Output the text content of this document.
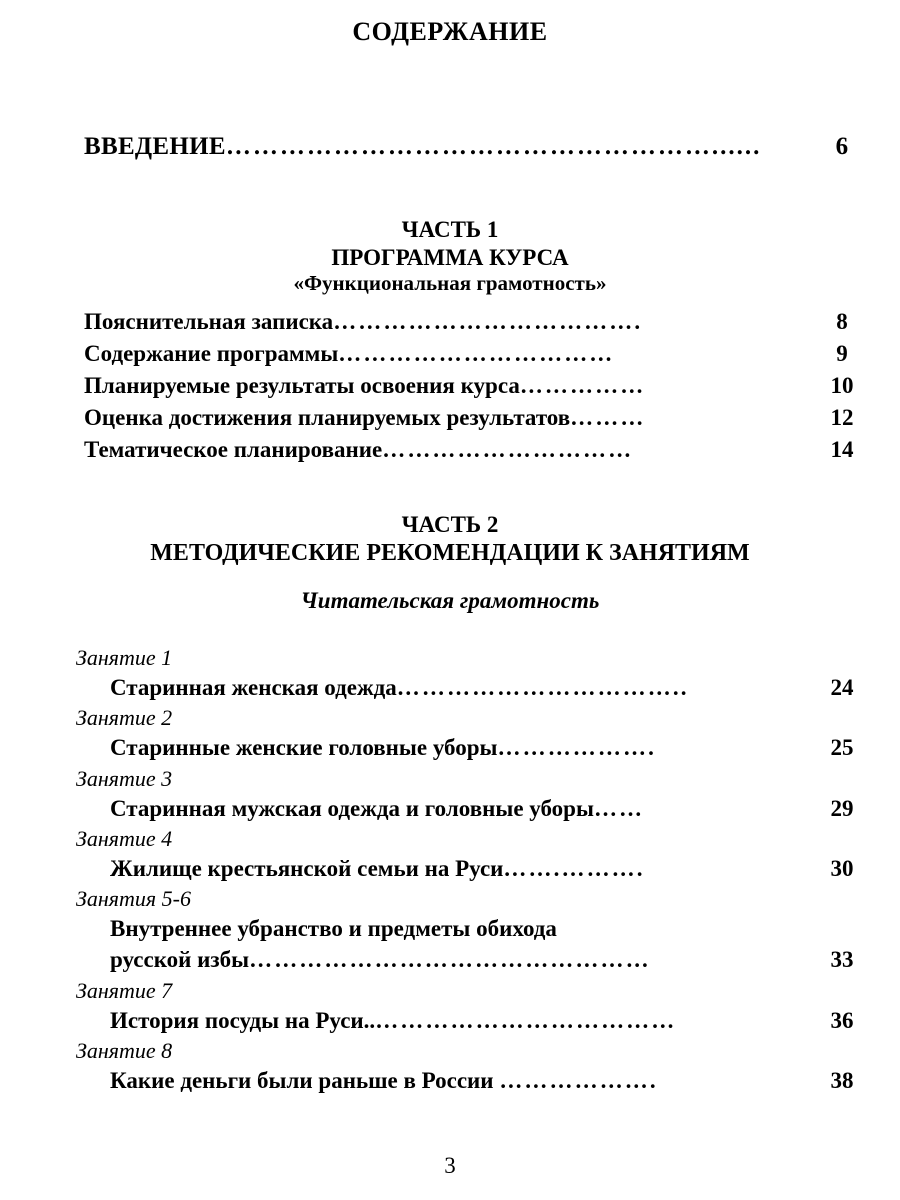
СОДЕРЖАНИЕ
ВВЕДЕНИЕ ………………………………………………......	6
ЧАСТЬ 1
ПРОГРАММА КУРСА
«Функциональная грамотность»
Пояснительная записка ……………………………….	8
Содержание программы ……………………………	9
Планируемые результаты освоения курса ……………	10
Оценка достижения планируемых результатов ………	12
Тематическое планирование …………………………	14
ЧАСТЬ 2
МЕТОДИЧЕСКИЕ РЕКОМЕНДАЦИИ К ЗАНЯТИЯМ
Читательская грамотность
Занятие 1
Старинная женская одежда ……………………………..	24
Занятие 2
Старинные женские головные уборы ……………….	25
Занятие 3
Старинная мужская одежда и головные уборы ……	29
Занятие 4
Жилище крестьянской семьи на Руси …….……….	30
Занятия 5-6
Внутреннее убранство и предметы обихода
русской избы …………………………………………	33
Занятие 7
История посуды на Руси.. ………………………………	36
Занятие 8
Какие деньги были раньше в России ……………….	38
3
